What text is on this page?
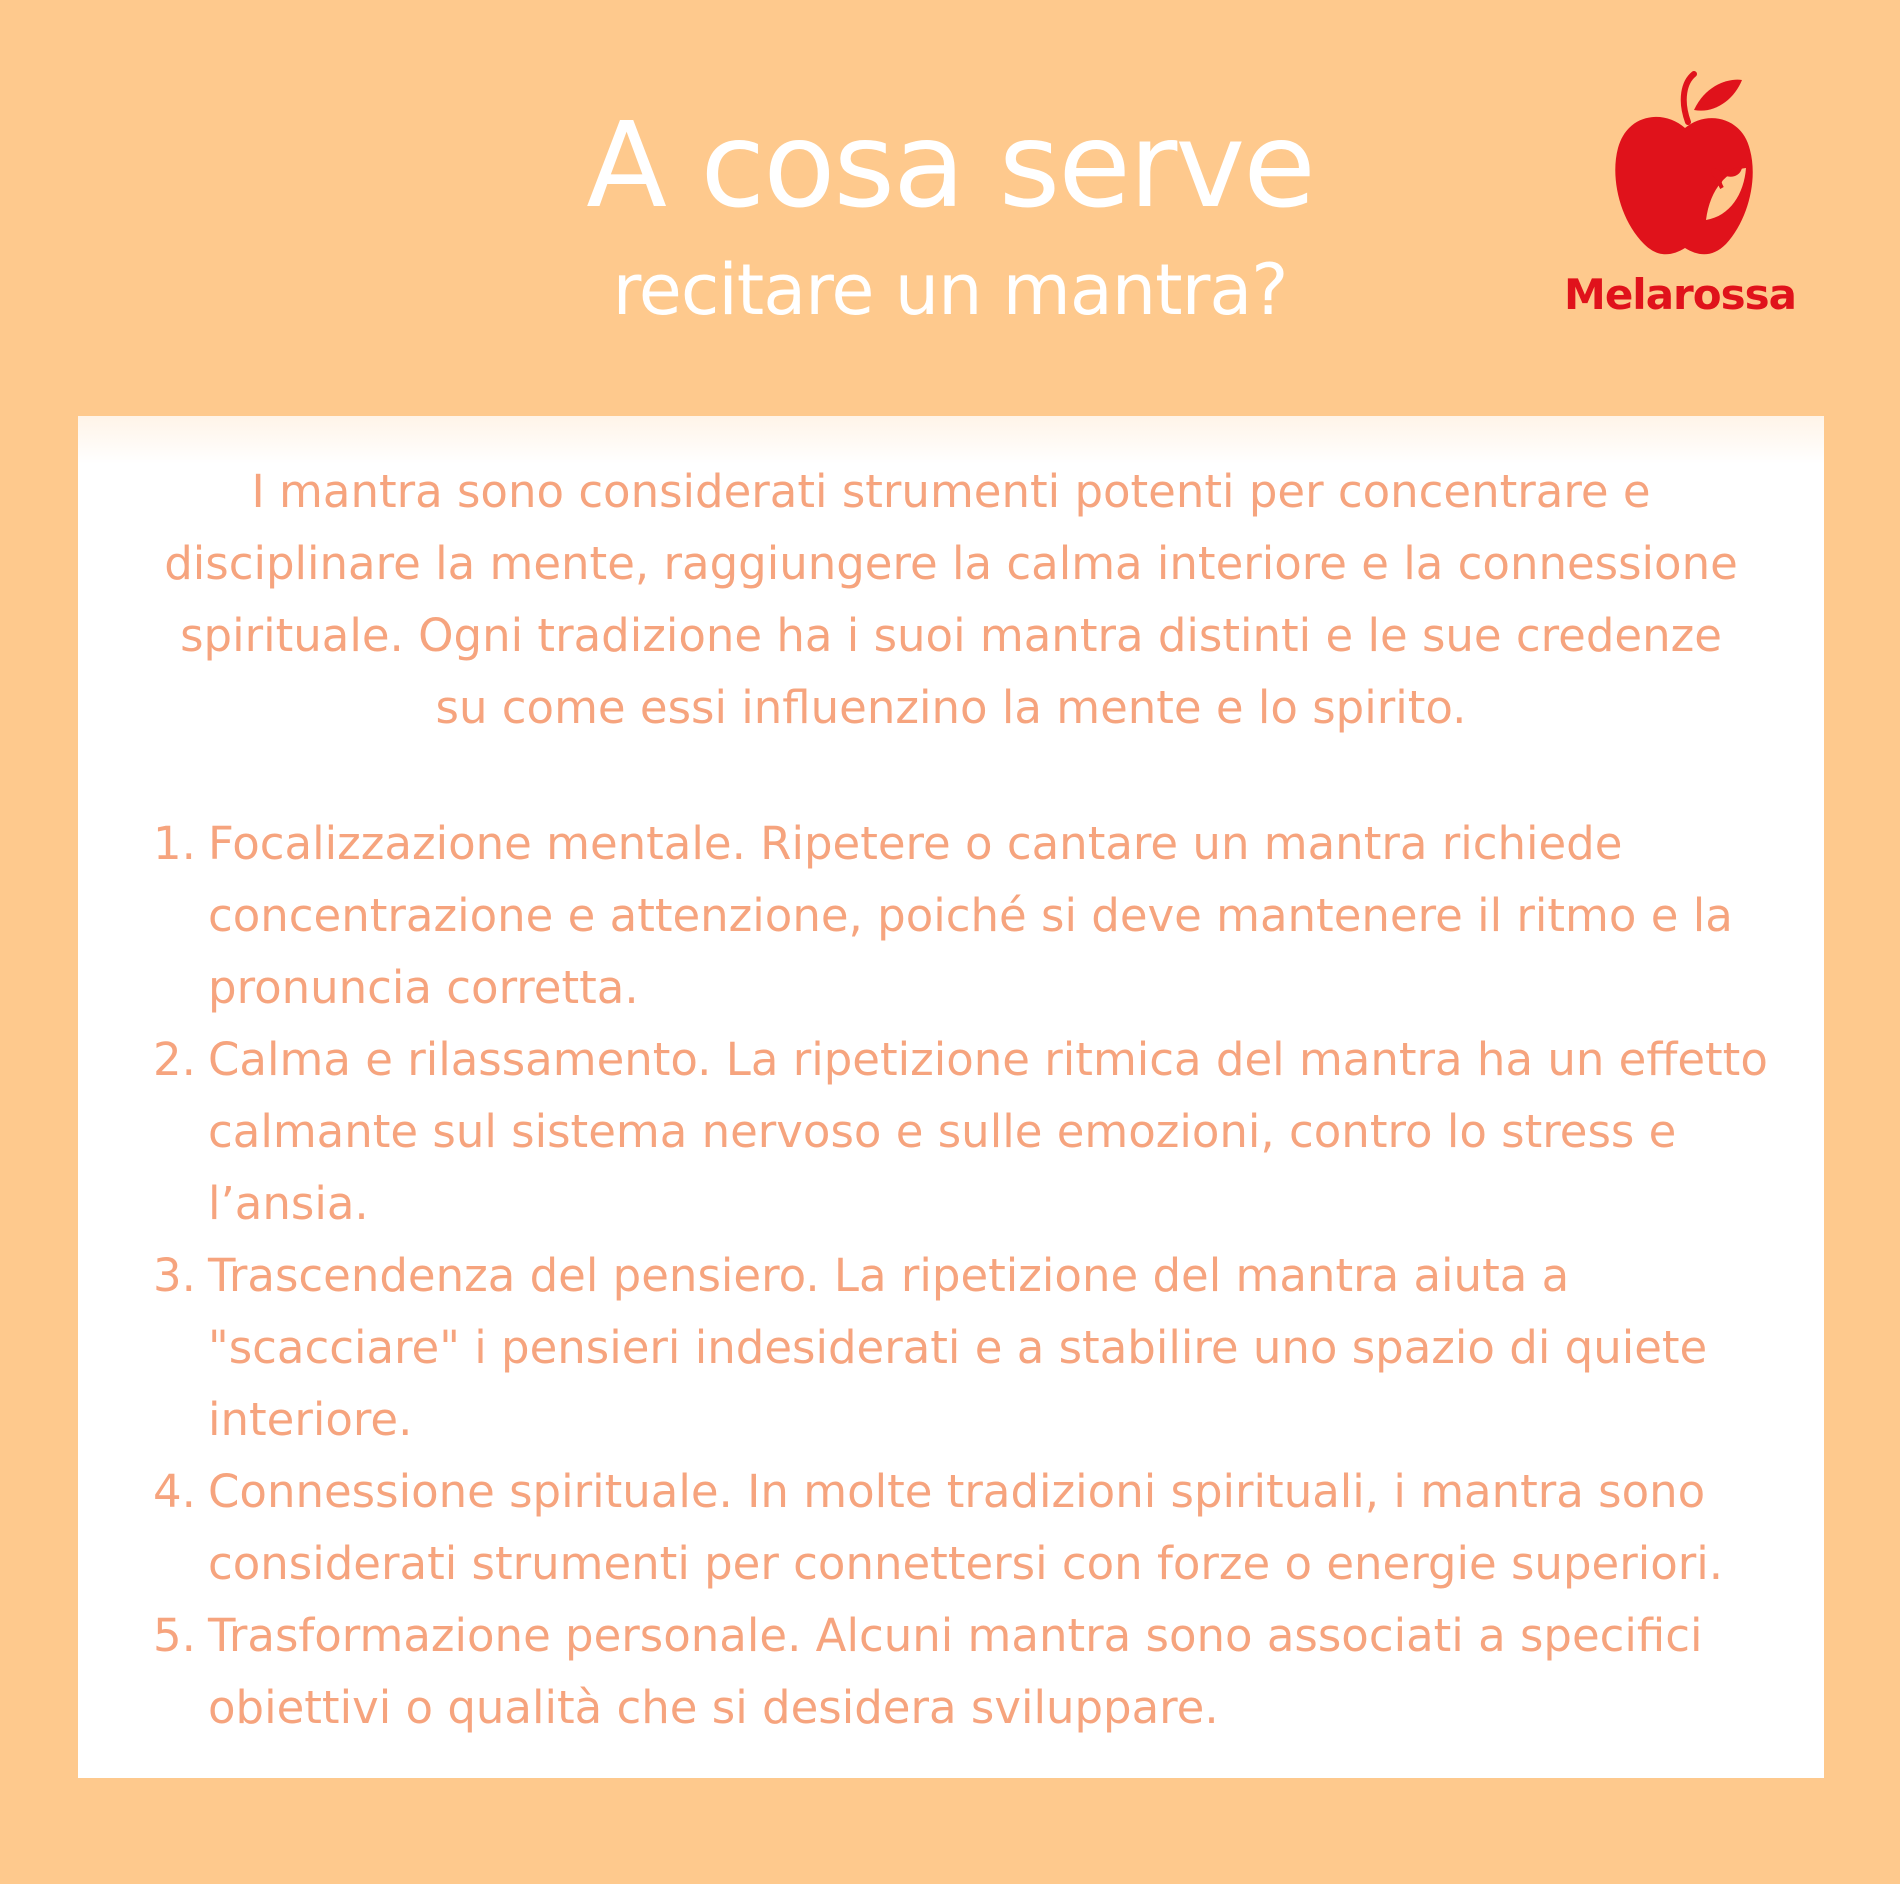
A cosa serve
recitare un mantra?	Melarossa

I mantra sono considerati strumenti potenti per concentrare e disciplinare la mente, raggiungere la calma interiore e la connessione spirituale. Ogni tradizione ha i suoi mantra distinti e le sue credenze su come essi influenzino la mente e lo spirito.

1. Focalizzazione mentale. Ripetere o cantare un mantra richiede concentrazione e attenzione, poiché si deve mantenere il ritmo e la pronuncia corretta.
2. Calma e rilassamento. La ripetizione ritmica del mantra ha un effetto calmante sul sistema nervoso e sulle emozioni, contro lo stress e l’ansia.
3. Trascendenza del pensiero. La ripetizione del mantra aiuta a "scacciare" i pensieri indesiderati e a stabilire uno spazio di quiete interiore.
4. Connessione spirituale. In molte tradizioni spirituali, i mantra sono considerati strumenti per connettersi con forze o energie superiori.
5. Trasformazione personale. Alcuni mantra sono associati a specifici obiettivi o qualità che si desidera sviluppare.
